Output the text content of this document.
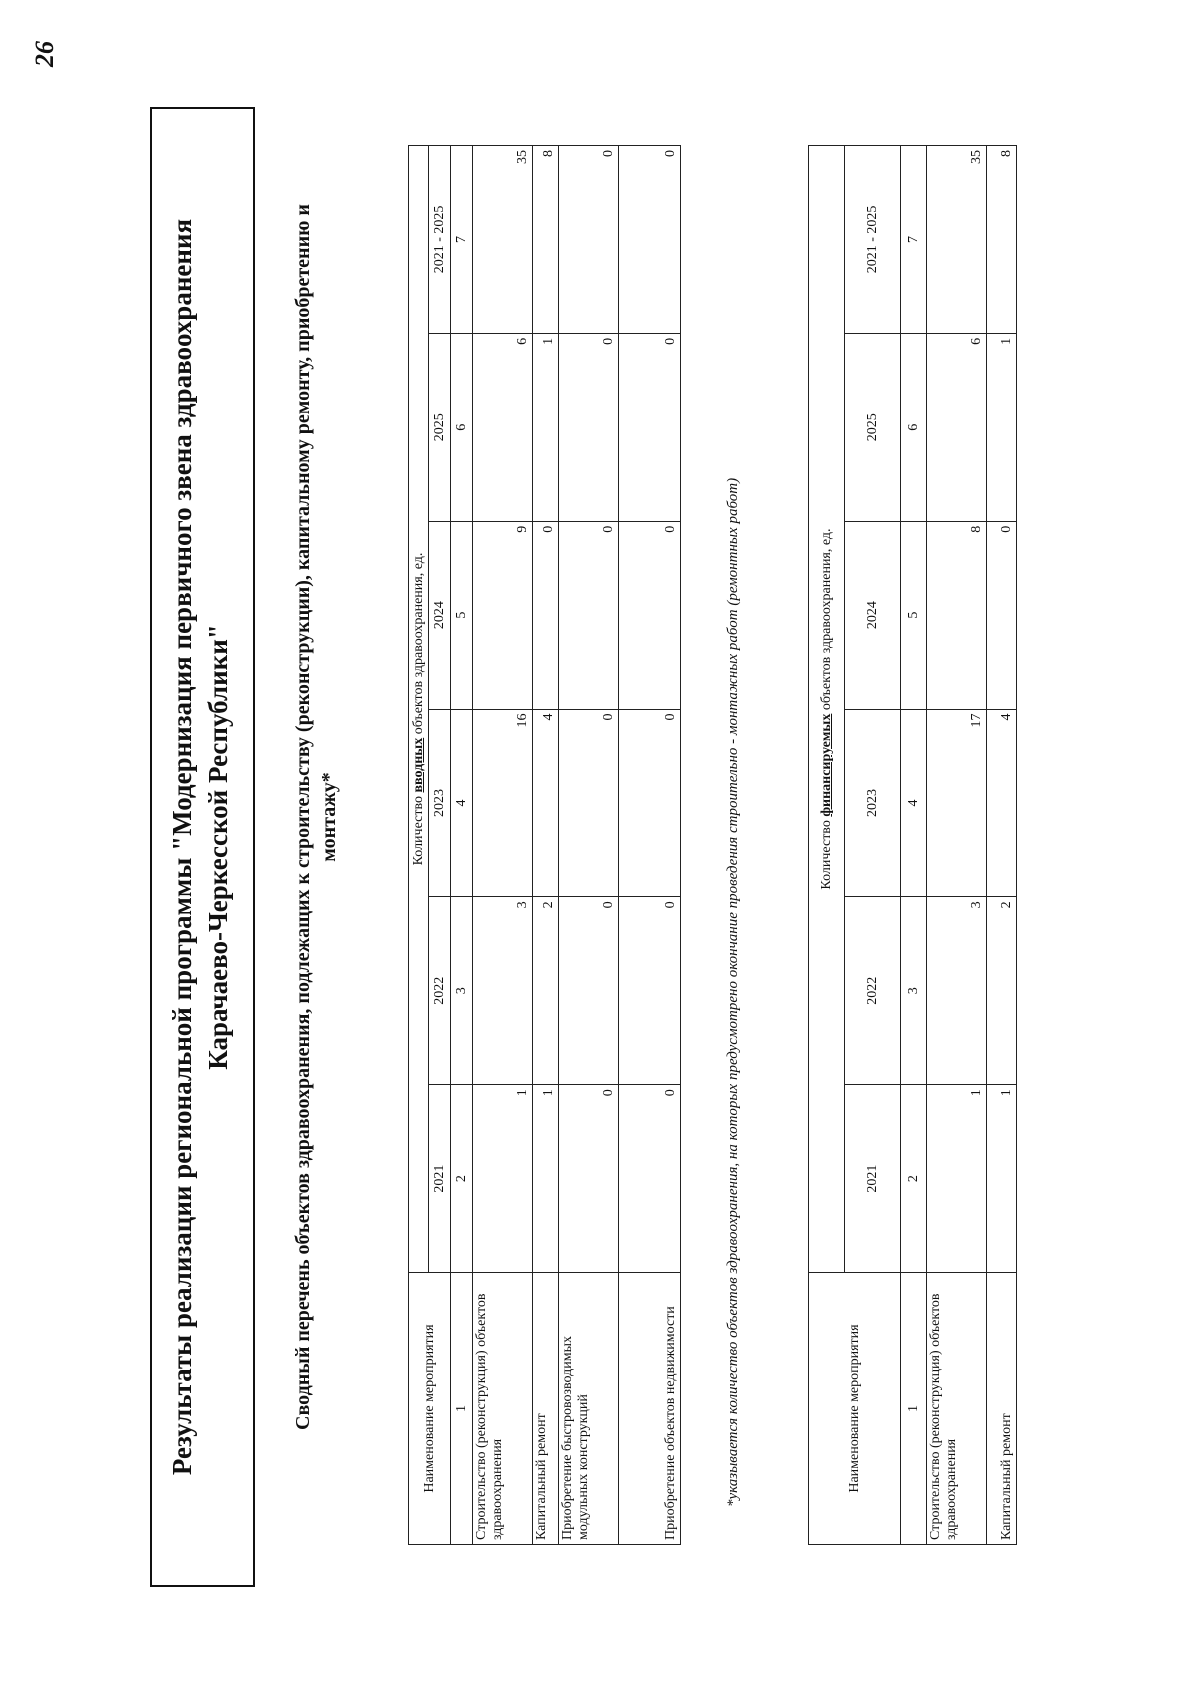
26
Результаты реализации региональной программы "Модернизация первичного звена здравоохранения Карачаево-Черкесской Республики"	Сводный перечень объектов здравоохранения, подлежащих к строительству (реконструкции), капитальному ремонту, приобретению и монтажу*
Наименование мероприятия	Количество вводных объектов здравоохранения, ед.					
	2021	2022	2023	2024	2025	2021 - 2025
1	2	3	4	5	6	7
Строительство (реконструкция) объектов здравоохранения	1	3	16	9	6	35
Капитальный ремонт	1	2	4	0	1	8
Приобретение быстровозводимых модульных конструкций	0	0	0	0	0	0
Приобретение объектов недвижимости	0	0	0	0	0	0
*указывается количество объектов здравоохранения, на которых предусмотрено окончание проведения строительно - монтажных работ (ремонтных работ)	Наименование мероприятия	Количество финансируемых объектов здравоохранения, ед.					
	2021	2022	2023	2024	2025	2021 - 2025
1	2	3	4	5	6	7
Строительство (реконструкция) объектов здравоохранения	1	3	17	8	6	35
Капитальный ремонт	1	2	4	0	1	8
